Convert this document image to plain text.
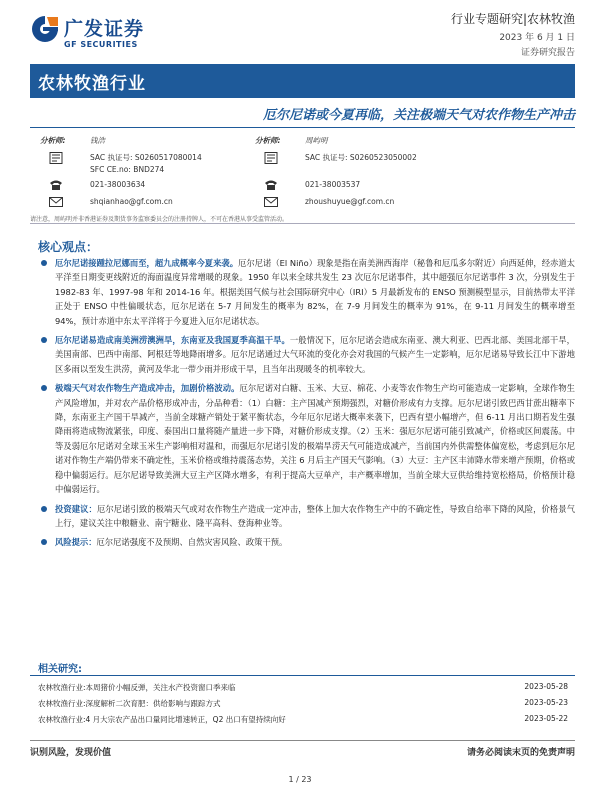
广发证券
GF SECURITIES
行业专题研究|农林牧渔
2023 年 6 月 1 日
证券研究报告
农林牧渔行业
厄尔尼诺或今夏再临，关注极端天气对农作物生产冲击
分析师:	钱浩
SAC 执证号: S0260517080014
SFC CE.no: BND274
021-38003634
shqianhao@gf.com.cn
分析师:	周屿明
SAC 执证号: S0260523050002
021-38003537
zhoushuyue@gf.com.cn
请注意，周屿明并非香港证券及期货事务监察委员会的注册持牌人，不可在香港从事受监管活动。
核心观点：
厄尔尼诺接踵拉尼娜而至，超九成概率今夏来袭。厄尔尼诺（El Niño）现象是指在南美洲西海岸（秘鲁和厄瓜多尔附近）向西延伸，经赤道太平洋至日期变更线附近的海面温度异常增暖的现象。1950 年以来全球共发生 23 次厄尔尼诺事件，其中超强厄尔尼诺事件 3 次，分别发生于 1982-83 年、1997-98 年和 2014-16 年。根据美国气候与社会国际研究中心（IRI）5 月最新发布的 ENSO 预测模型显示，目前热带太平洋正处于 ENSO 中性偏暖状态，厄尔尼诺在 5-7 月间发生的概率为 82%，在 7-9 月间发生的概率为 91%，在 9-11 月间发生的概率增至 94%，预计赤道中东太平洋将于今夏进入厄尔尼诺状态。
厄尔尼诺易造成南美洲涝澳洲旱，东南亚及我国夏季高温干旱。一般情况下，厄尔尼诺会造成东南亚、澳大利亚、巴西北部、美国北部干旱，美国南部、巴西中南部、阿根廷等地降雨增多。厄尔尼诺通过大气环流的变化亦会对我国的气候产生一定影响，厄尔尼诺易导致长江中下游地区多雨以至发生洪涝，黄河及华北一带少雨并形成干旱，且当年出现暖冬的机率较大。
极端天气对农作物生产造成冲击，加剧价格波动。厄尔尼诺对白糖、玉米、大豆、棉花、小麦等农作物生产均可能造成一定影响，全球作物生产风险增加，并对农产品价格形成冲击，分品种看：（1）白糖：主产国减产预期强烈，对糖价形成有力支撑。厄尔尼诺引致巴西甘蔗出糖率下降，东南亚主产国干旱减产，当前全球糖产销处于紧平衡状态，今年厄尔尼诺大概率来袭下，巴西有望小幅增产，但 6-11 月出口期若发生强降雨将造成物流紧张，印度、泰国出口量将随产量进一步下降，对糖价形成支撑。（2）玉米：强厄尔尼诺可能引致减产，价格或区间震荡。中等及弱厄尔尼诺对全球玉米生产影响相对温和，而强厄尔尼诺引发的极端旱涝天气可能造成减产，当前国内外供需整体偏宽松，考虑到厄尔尼诺对作物生产端仍带来不确定性，玉米价格或维持震荡态势，关注 6 月后主产国天气影响。（3）大豆：主产区丰沛降水带来增产预期，价格或稳中偏弱运行。厄尔尼诺导致美洲大豆主产区降水增多，有利于提高大豆单产，丰产概率增加，当前全球大豆供给维持宽松格局，价格预计稳中偏弱运行。
投资建议：厄尔尼诺引致的极端天气或对农作物生产造成一定冲击，整体上加大农作物生产中的不确定性，导致自给率下降的风险，价格景气上行，建议关注中粮糖业、南宁糖业、隆平高科、登海种业等。
风险提示：厄尔尼诺强度不及预期、自然灾害风险、政策干预。
相关研究:
农林牧渔行业:本周猪价小幅反弹，关注水产投资窗口季来临	2023-05-28
农林牧渔行业:深度解析二次育肥：供给影响与跟踪方式	2023-05-23
农林牧渔行业:4 月大宗农产品出口量同比增速转正，Q2 出口有望持续向好	2023-05-22
识别风险，发现价值	请务必阅读末页的免责声明
1 / 23
